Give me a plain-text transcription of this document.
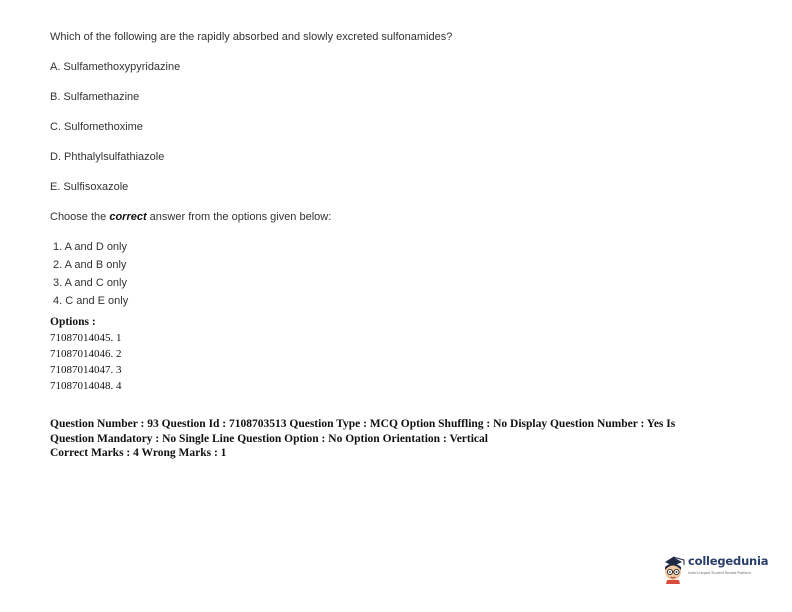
Which of the following are the rapidly absorbed and slowly excreted sulfonamides?
A. Sulfamethoxypyridazine
B. Sulfamethazine
C. Sulfomethoxime
D. Phthalylsulfathiazole
E. Sulfisoxazole
Choose the correct answer from the options given below:
1. A and D only
2. A and B only
3. A and C only
4. C and E only
Options :
71087014045. 1
71087014046. 2
71087014047. 3
71087014048. 4
Question Number : 93 Question Id : 7108703513 Question Type : MCQ Option Shuffling : No Display Question Number : Yes Is
Question Mandatory : No Single Line Question Option : No Option Orientation : Vertical
Correct Marks : 4 Wrong Marks : 1
collegedunia
India's largest Student Review Platform
